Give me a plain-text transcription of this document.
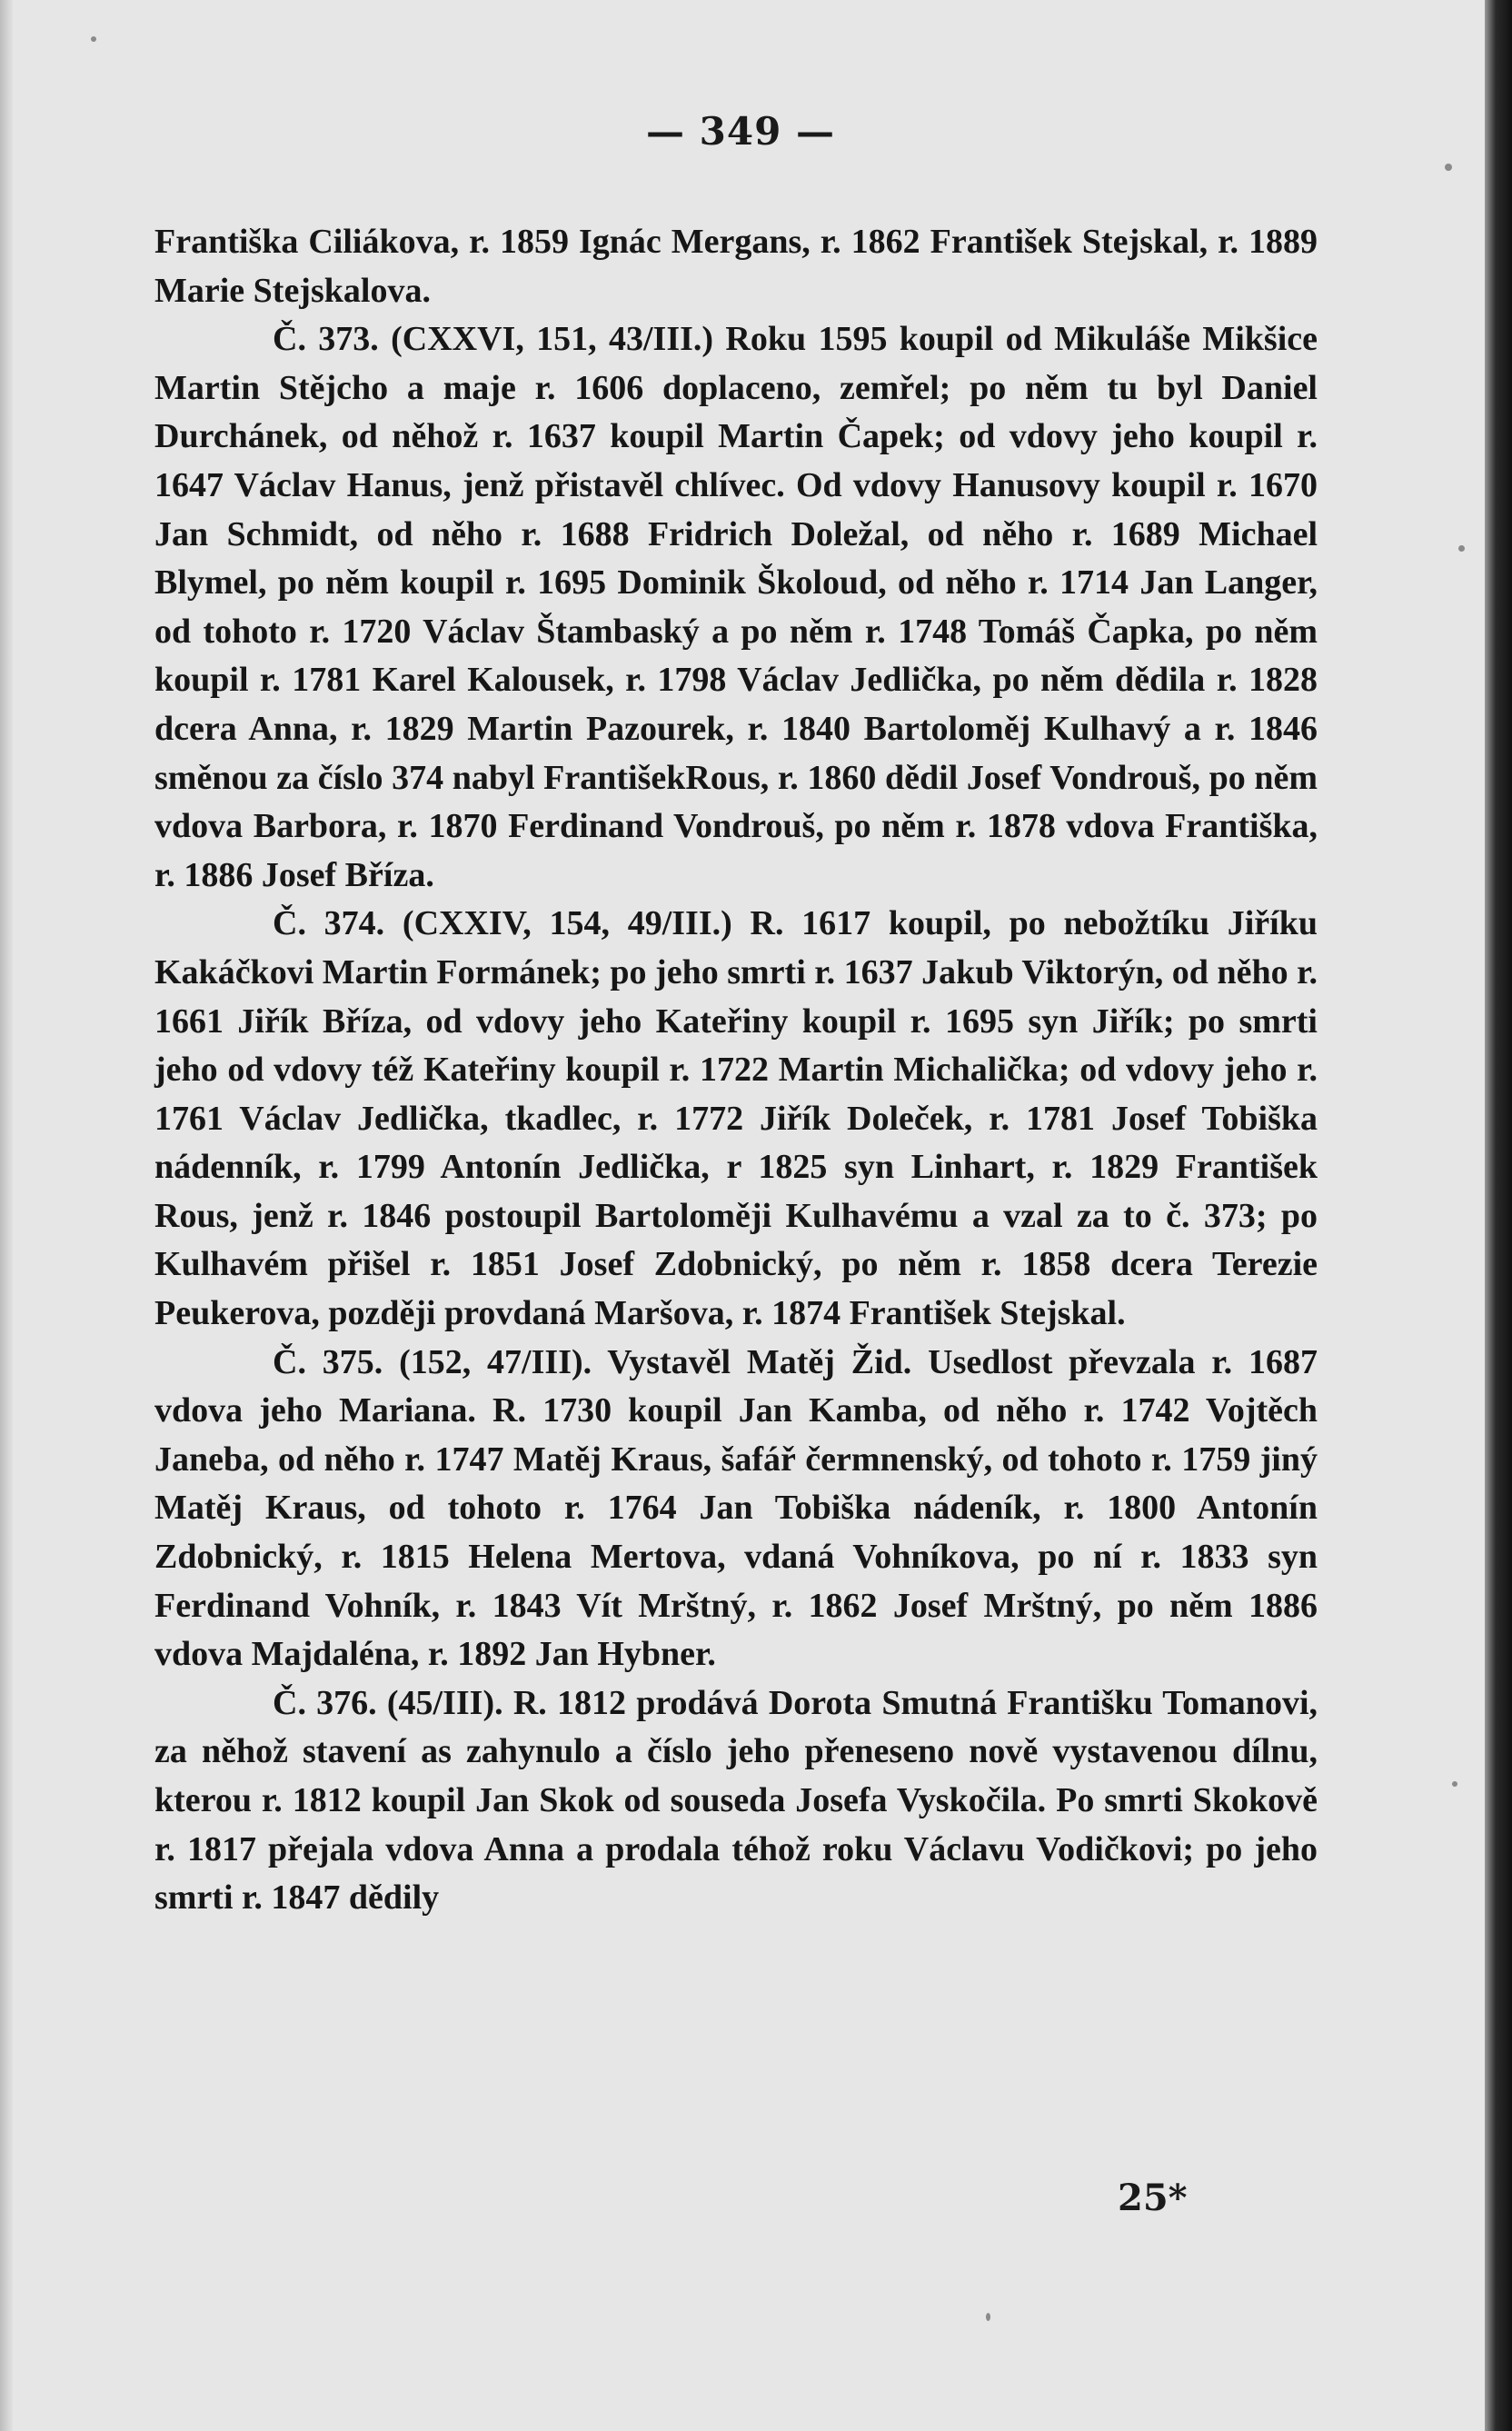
— 349 —

Františka Ciliákova, r. 1859 Ignác Mergans, r. 1862 František Stejskal, r. 1889 Marie Stejskalova.

Č. 373. (CXXVI, 151, 43/III.) Roku 1595 koupil od Mikuláše Mikšice Martin Stějcho a maje r. 1606 doplaceno, zemřel; po něm tu byl Daniel Durchánek, od něhož r. 1637 koupil Martin Čapek; od vdovy jeho koupil r. 1647 Václav Hanus, jenž přistavěl chlívec. Od vdovy Hanusovy koupil r. 1670 Jan Schmidt, od něho r. 1688 Fridrich Doležal, od něho r. 1689 Michael Blymel, po něm koupil r. 1695 Dominik Školoud, od něho r. 1714 Jan Langer, od tohoto r. 1720 Václav Štambaský a po něm r. 1748 Tomáš Čapka, po něm koupil r. 1781 Karel Kalousek, r. 1798 Václav Jedlička, po něm dědila r. 1828 dcera Anna, r. 1829 Martin Pazourek, r. 1840 Bartoloměj Kulhavý a r. 1846 směnou za číslo 374 nabyl FrantišekRous, r. 1860 dědil Josef Vondrouš, po něm vdova Barbora, r. 1870 Ferdinand Vondrouš, po něm r. 1878 vdova Františka, r. 1886 Josef Bříza.

Č. 374. (CXXIV, 154, 49/III.) R. 1617 koupil, po nebožtíku Jiříku Kakáčkovi Martin Formánek; po jeho smrti r. 1637 Jakub Viktorýn, od něho r. 1661 Jiřík Bříza, od vdovy jeho Kateřiny koupil r. 1695 syn Jiřík; po smrti jeho od vdovy též Kateřiny koupil r. 1722 Martin Michalička; od vdovy jeho r. 1761 Václav Jedlička, tkadlec, r. 1772 Jiřík Doleček, r. 1781 Josef Tobiška nádenník, r. 1799 Antonín Jedlička, r 1825 syn Linhart, r. 1829 František Rous, jenž r. 1846 postoupil Bartoloměji Kulhavému a vzal za to č. 373; po Kulhavém přišel r. 1851 Josef Zdobnický, po něm r. 1858 dcera Terezie Peukerova, později provdaná Maršova, r. 1874 František Stejskal.

Č. 375. (152, 47/III). Vystavěl Matěj Žid. Usedlost převzala r. 1687 vdova jeho Mariana. R. 1730 koupil Jan Kamba, od něho r. 1742 Vojtěch Janeba, od něho r. 1747 Matěj Kraus, šafář čermnenský, od tohoto r. 1759 jiný Matěj Kraus, od tohoto r. 1764 Jan Tobiška nádeník, r. 1800 Antonín Zdobnický, r. 1815 Helena Mertova, vdaná Vohníkova, po ní r. 1833 syn Ferdinand Vohník, r. 1843 Vít Mrštný, r. 1862 Josef Mrštný, po něm 1886 vdova Majdaléna, r. 1892 Jan Hybner.

Č. 376. (45/III). R. 1812 prodává Dorota Smutná Františku Tomanovi, za něhož stavení as zahynulo a číslo jeho přeneseno nově vystavenou dílnu, kterou r. 1812 koupil Jan Skok od souseda Josefa Vyskočila. Po smrti Skokově r. 1817 přejala vdova Anna a prodala téhož roku Václavu Vodičkovi; po jeho smrti r. 1847 dědily

25*
